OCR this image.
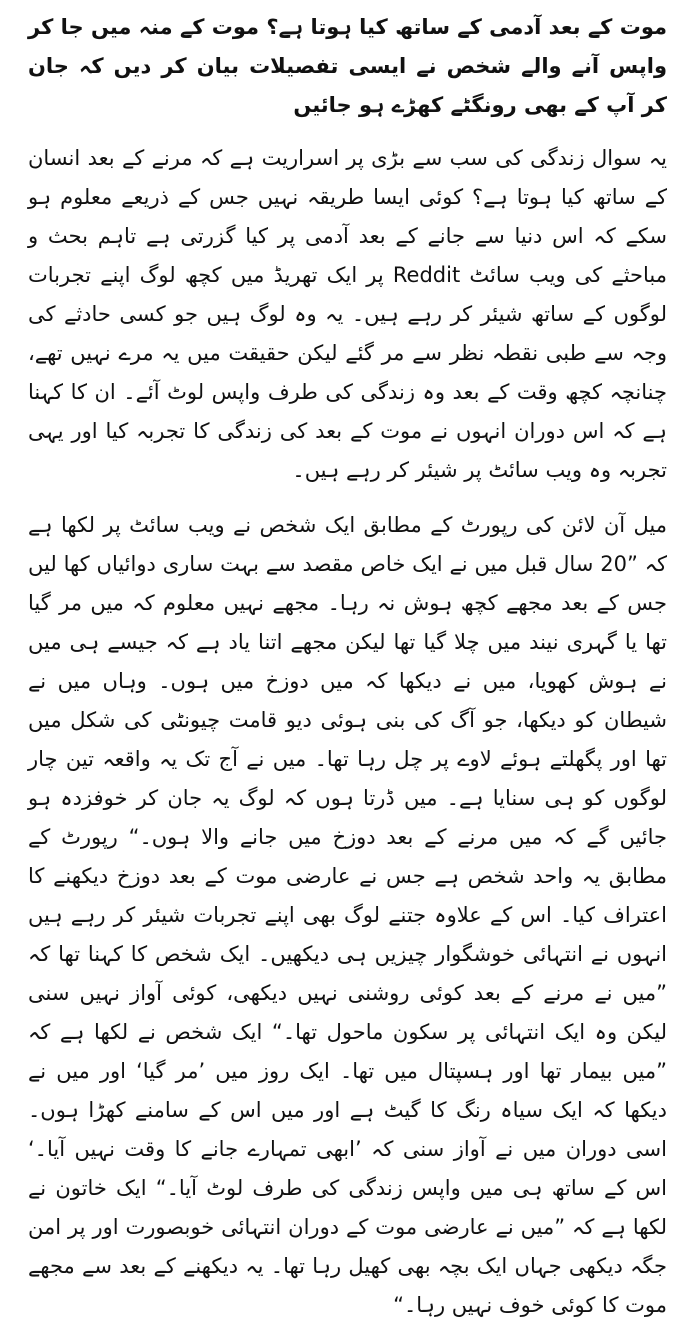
موت کے بعد آدمی کے ساتھ کیا ہوتا ہے؟ موت کے منہ میں جا کر واپس آنے والے شخص نے ایسی تفصیلات بیان کر دیں کہ جان کر آپ کے بھی رونگٹے کھڑے ہو جائیں

یہ سوال زندگی کی سب سے بڑی پر اسراریت ہے کہ مرنے کے بعد انسان کے ساتھ کیا ہوتا ہے؟ کوئی ایسا طریقہ نہیں جس کے ذریعے معلوم ہو سکے کہ اس دنیا سے جانے کے بعد آدمی پر کیا گزرتی ہے تاہم بحث و مباحثے کی ویب سائٹ Reddit پر ایک تھریڈ میں کچھ لوگ اپنے تجربات لوگوں کے ساتھ شیئر کر رہے ہیں۔ یہ وہ لوگ ہیں جو کسی حادثے کی وجہ سے طبی نقطہ نظر سے مر گئے لیکن حقیقت میں یہ مرے نہیں تھے، چنانچہ کچھ وقت کے بعد وہ زندگی کی طرف واپس لوٹ آئے۔ ان کا کہنا ہے کہ اس دوران انہوں نے موت کے بعد کی زندگی کا تجربہ کیا اور یہی تجربہ وہ ویب سائٹ پر شیئر کر رہے ہیں۔

میل آن لائن کی رپورٹ کے مطابق ایک شخص نے ویب سائٹ پر لکھا ہے کہ ”20 سال قبل میں نے ایک خاص مقصد سے بہت ساری دوائیاں کھا لیں جس کے بعد مجھے کچھ ہوش نہ رہا۔ مجھے نہیں معلوم کہ میں مر گیا تھا یا گہری نیند میں چلا گیا تھا لیکن مجھے اتنا یاد ہے کہ جیسے ہی میں نے ہوش کھویا، میں نے دیکھا کہ میں دوزخ میں ہوں۔ وہاں میں نے شیطان کو دیکھا، جو آگ کی بنی ہوئی دیو قامت چیونٹی کی شکل میں تھا اور پگھلتے ہوئے لاوے پر چل رہا تھا۔ میں نے آج تک یہ واقعہ تین چار لوگوں کو ہی سنایا ہے۔ میں ڈرتا ہوں کہ لوگ یہ جان کر خوفزدہ ہو جائیں گے کہ میں مرنے کے بعد دوزخ میں جانے والا ہوں۔“ رپورٹ کے مطابق یہ واحد شخص ہے جس نے عارضی موت کے بعد دوزخ دیکھنے کا اعتراف کیا۔ اس کے علاوہ جتنے لوگ بھی اپنے تجربات شیئر کر رہے ہیں انہوں نے انتہائی خوشگوار چیزیں ہی دیکھیں۔ ایک شخص کا کہنا تھا کہ ”میں نے مرنے کے بعد کوئی روشنی نہیں دیکھی، کوئی آواز نہیں سنی لیکن وہ ایک انتہائی پر سکون ماحول تھا۔“ ایک شخص نے لکھا ہے کہ ”میں بیمار تھا اور ہسپتال میں تھا۔ ایک روز میں ’مر گیا‘ اور میں نے دیکھا کہ ایک سیاہ رنگ کا گیٹ ہے اور میں اس کے سامنے کھڑا ہوں۔ اسی دوران میں نے آواز سنی کہ ’ابھی تمہارے جانے کا وقت نہیں آیا۔‘ اس کے ساتھ ہی میں واپس زندگی کی طرف لوٹ آیا۔“ ایک خاتون نے لکھا ہے کہ ”میں نے عارضی موت کے دوران انتہائی خوبصورت اور پر امن جگہ دیکھی جہاں ایک بچہ بھی کھیل رہا تھا۔ یہ دیکھنے کے بعد سے مجھے موت کا کوئی خوف نہیں رہا۔“
